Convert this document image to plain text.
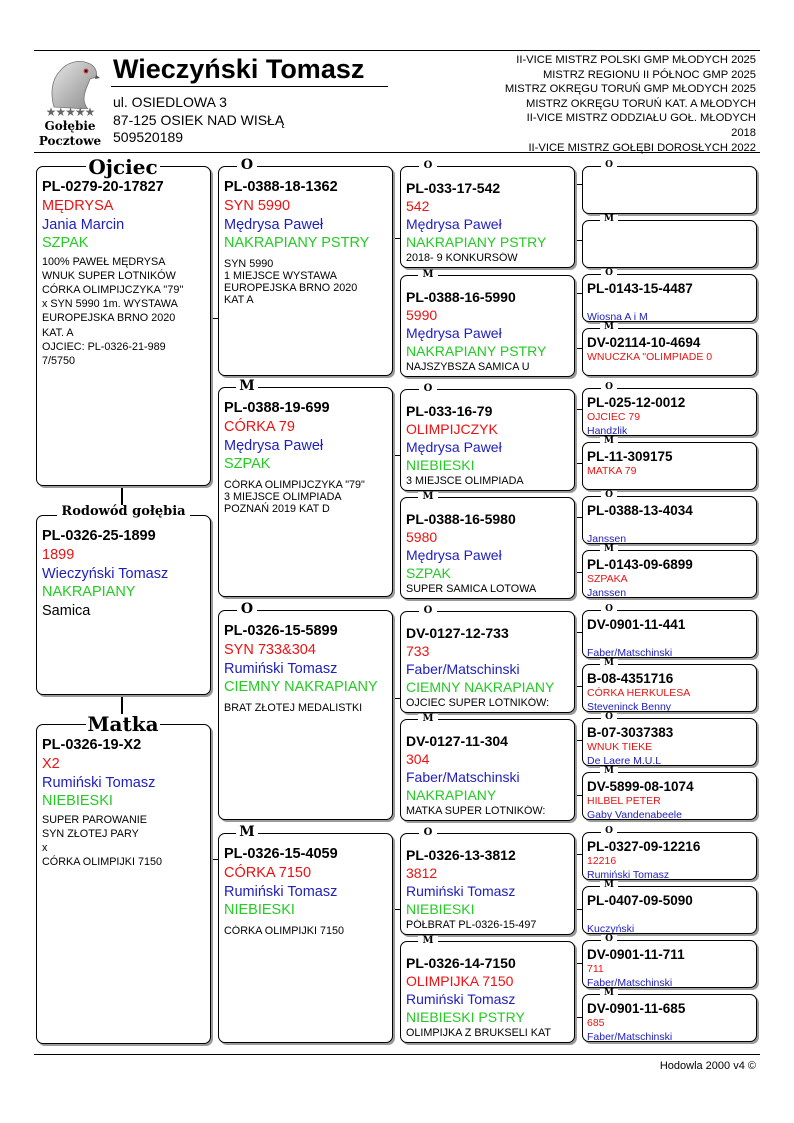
★★★★★
Gołębie
Pocztowe
Wieczyński Tomasz
ul. OSIEDLOWA 3
87-125 OSIEK NAD WISŁĄ
509520189
II-VICE MISTRZ POLSKI GMP MŁODYCH 2025
MISTRZ REGIONU II PÓŁNOC GMP 2025
MISTRZ OKRĘGU TORUŃ GMP MŁODYCH 2025
MISTRZ OKRĘGU TORUŃ KAT. A MŁODYCH
II-VICE MISTRZ ODDZIAŁU GOŁ. MŁODYCH
2018
II-VICE MISTRZ GOŁĘBI DOROSŁYCH 2022
PL-0279-20-17827
MĘDRYSA
Jania Marcin
SZPAK
100% PAWEŁ MĘDRYSA
WNUK SUPER LOTNIKÓW
CÓRKA OLIMPIJCZYKA ''79''
x SYN 5990 1m. WYSTAWA
EUROPEJSKA BRNO 2020
KAT. A
OJCIEC: PL-0326-21-989
7/5750
Ojciec
PL-0326-25-1899
1899
Wieczyński Tomasz
NAKRAPIANY
Samica
Rodowód gołębia
PL-0326-19-X2
X2
Rumiński Tomasz
NIEBIESKI
SUPER PAROWANIE
SYN ZŁOTEJ PARY
x
CÓRKA OLIMPIJKI 7150
Matka
PL-0388-18-1362
SYN 5990
Mędrysa Paweł
NAKRAPIANY PSTRY
SYN 5990
1 MIEJSCE WYSTAWA
EUROPEJSKA BRNO 2020
KAT A
O
PL-0388-19-699
CÓRKA 79
Mędrysa Paweł
SZPAK
CÓRKA OLIMPIJCZYKA "79"
3 MIEJSCE OLIMPIADA
POZNAŃ 2019 KAT D
M
PL-0326-15-5899
SYN 733&304
Rumiński Tomasz
CIEMNY NAKRAPIANY
BRAT ZŁOTEJ MEDALISTKI
O
PL-0326-15-4059
CÓRKA 7150
Rumiński Tomasz
NIEBIESKI
CÓRKA OLIMPIJKI 7150
M
PL-033-17-542
542
Mędrysa Paweł
NAKRAPIANY PSTRY
2018- 9 KONKURSÓW
O
PL-0388-16-5990
5990
Mędrysa Paweł
NAKRAPIANY PSTRY
NAJSZYBSZA SAMICA U
M
PL-033-16-79
OLIMPIJCZYK
Mędrysa Paweł
NIEBIESKI
3 MIEJSCE OLIMPIADA
O
PL-0388-16-5980
5980
Mędrysa Paweł
SZPAK
SUPER SAMICA LOTOWA
M
DV-0127-12-733
733
Faber/Matschinski
CIEMNY NAKRAPIANY
OJCIEC SUPER LOTNIKÓW:
O
DV-0127-11-304
304
Faber/Matschinski
NAKRAPIANY
MATKA SUPER LOTNIKÓW:
M
PL-0326-13-3812
3812
Rumiński Tomasz
NIEBIESKI
PÓŁBRAT PL-0326-15-497
O
PL-0326-14-7150
OLIMPIJKA 7150
Rumiński Tomasz
NIEBIESKI PSTRY
OLIMPIJKA Z BRUKSELI KAT
M
O
M
PL-0143-15-4487
Wiosna A i M
O
DV-02114-10-4694
WNUCZKA "OLIMPIADE 0
M
PL-025-12-0012
OJCIEC 79
Handzlik
O
PL-11-309175
MATKA 79
M
PL-0388-13-4034
Janssen
O
PL-0143-09-6899
SZPAKA
Janssen
M
DV-0901-11-441
Faber/Matschinski
O
B-08-4351716
CÓRKA HERKULESA
Steveninck Benny
M
B-07-3037383
WNUK TIEKE
De Laere M.U.L
O
DV-5899-08-1074
HILBEL PETER
Gaby Vandenabeele
M
PL-0327-09-12216
12216
Rumiński Tomasz
O
PL-0407-09-5090
Kuczyński
M
DV-0901-11-711
711
Faber/Matschinski
O
DV-0901-11-685
685
Faber/Matschinski
M
Hodowla 2000 v4 ©
